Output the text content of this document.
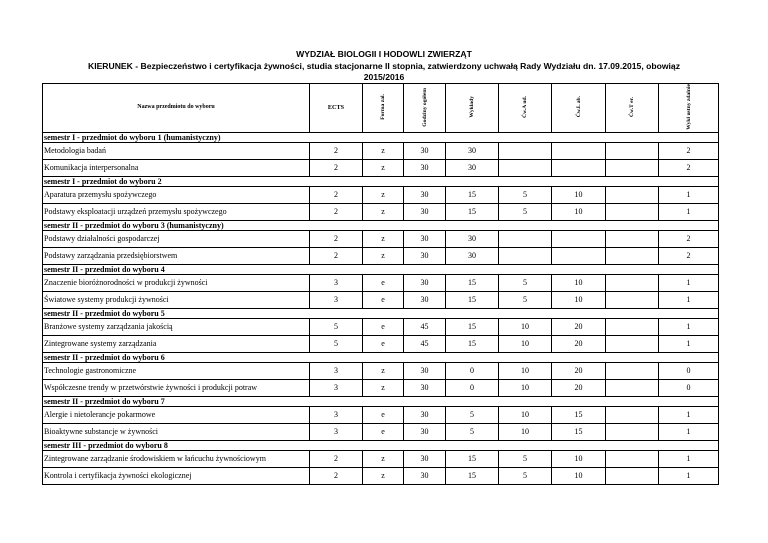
WYDZIAŁ BIOLOGII I HODOWLI ZWIERZĄT
KIERUNEK - Bezpieczeństwo i certyfikacja żywności, studia stacjonarne II stopnia, zatwierdzony uchwałą Rady Wydziału dn. 17.09.2015, obowiąz
2015/2016
Nazwa przedmiotu do wyboru	ECTS	Forma zal.	Godziny ogółem	Wykłady	Ćw.A ud.	Ćw.L ab.	Ćw.T er.	Wykł ustny zdalnie
semestr I - przedmiot do wyboru 1 (humanistyczny)								
Metodologia badań	2	z	30	30				2
Komunikacja interpersonalna	2	z	30	30				2
semestr I - przedmiot do wyboru 2								
Aparatura przemysłu spożywczego	2	z	30	15	5	10		1
Podstawy eksploatacji urządzeń przemysłu spożywczego	2	z	30	15	5	10		1
semestr II - przedmiot do wyboru 3 (humanistyczny)								
Podstawy działalności gospodarczej	2	z	30	30				2
Podstawy zarządzania przedsiębiorstwem	2	z	30	30				2
semestr II - przedmiot do wyboru 4								
Znaczenie bioróżnorodności w produkcji żywności	3	e	30	15	5	10		1
Światowe systemy produkcji żywności	3	e	30	15	5	10		1
semestr II - przedmiot do wyboru 5								
Branżowe systemy zarządzania jakością	5	e	45	15	10	20		1
Zintegrowane systemy zarządzania	5	e	45	15	10	20		1
semestr II - przedmiot do wyboru 6								
Technologie gastronomiczne	3	z	30	0	10	20		0
Współczesne trendy w przetwórstwie żywności i produkcji potraw	3	z	30	0	10	20		0
semestr II - przedmiot do wyboru 7								
Alergie i nietolerancje pokarmowe	3	e	30	5	10	15		1
Bioaktywne substancje w żywności	3	e	30	5	10	15		1
semestr III - przedmiot do wyboru 8								
Zintegrowane zarządzanie środowiskiem w łańcuchu żywnościowym	2	z	30	15	5	10		1
Kontrola i certyfikacja żywności ekologicznej	2	z	30	15	5	10		1
